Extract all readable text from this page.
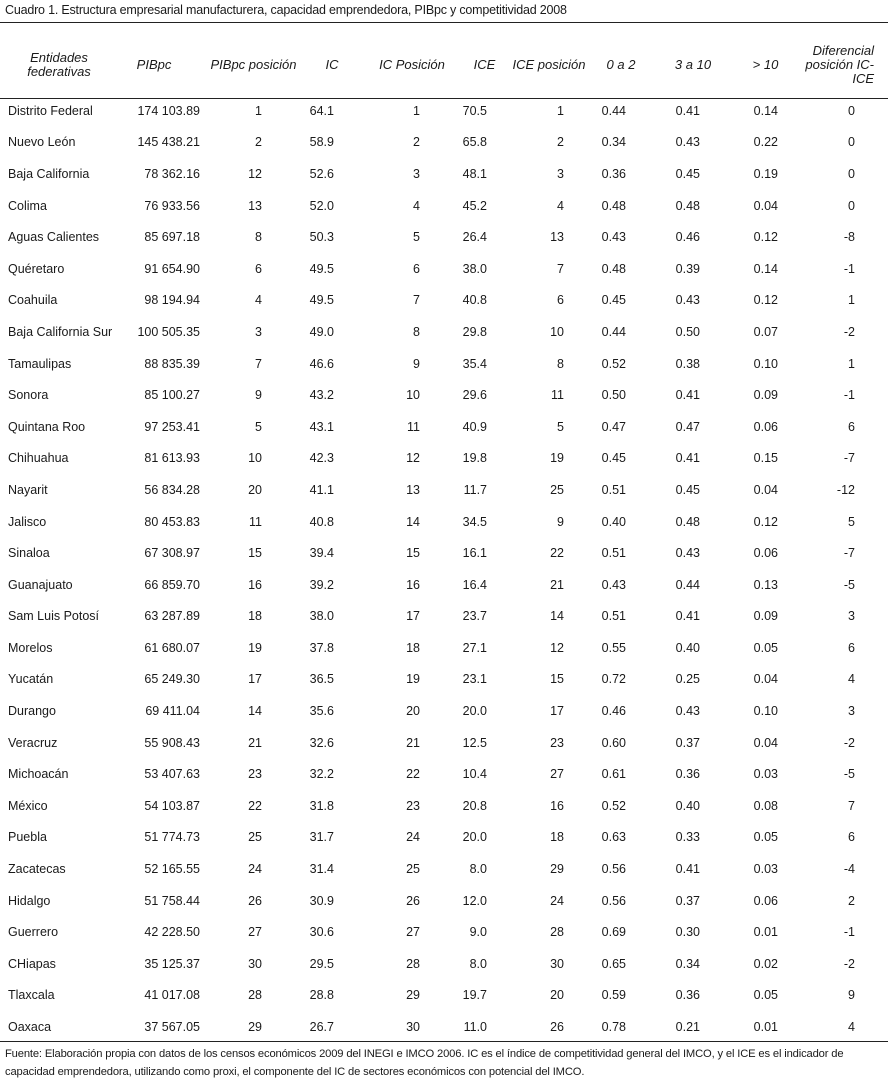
Cuadro 1. Estructura empresarial manufacturera, capacidad emprendedora, PIBpc y competitividad 2008
Entidades federativas	PIBpc	PIBpc posición	IC	IC Posición	ICE	ICE posición	0 a 2	3 a 10	> 10	Diferencial posición IC-ICE
Distrito Federal	174 103.89	1	64.1	1	70.5	1	0.44	0.41	0.14	0
Nuevo León	145 438.21	2	58.9	2	65.8	2	0.34	0.43	0.22	0
Baja California	78 362.16	12	52.6	3	48.1	3	0.36	0.45	0.19	0
Colima	76 933.56	13	52.0	4	45.2	4	0.48	0.48	0.04	0
Aguas Calientes	85 697.18	8	50.3	5	26.4	13	0.43	0.46	0.12	-8
Quéretaro	91 654.90	6	49.5	6	38.0	7	0.48	0.39	0.14	-1
Coahuila	98 194.94	4	49.5	7	40.8	6	0.45	0.43	0.12	1
Baja California Sur	100 505.35	3	49.0	8	29.8	10	0.44	0.50	0.07	-2
Tamaulipas	88 835.39	7	46.6	9	35.4	8	0.52	0.38	0.10	1
Sonora	85 100.27	9	43.2	10	29.6	11	0.50	0.41	0.09	-1
Quintana Roo	97 253.41	5	43.1	11	40.9	5	0.47	0.47	0.06	6
Chihuahua	81 613.93	10	42.3	12	19.8	19	0.45	0.41	0.15	-7
Nayarit	56 834.28	20	41.1	13	11.7	25	0.51	0.45	0.04	-12
Jalisco	80 453.83	11	40.8	14	34.5	9	0.40	0.48	0.12	5
Sinaloa	67 308.97	15	39.4	15	16.1	22	0.51	0.43	0.06	-7
Guanajuato	66 859.70	16	39.2	16	16.4	21	0.43	0.44	0.13	-5
Sam Luis Potosí	63 287.89	18	38.0	17	23.7	14	0.51	0.41	0.09	3
Morelos	61 680.07	19	37.8	18	27.1	12	0.55	0.40	0.05	6
Yucatán	65 249.30	17	36.5	19	23.1	15	0.72	0.25	0.04	4
Durango	69 411.04	14	35.6	20	20.0	17	0.46	0.43	0.10	3
Veracruz	55 908.43	21	32.6	21	12.5	23	0.60	0.37	0.04	-2
Michoacán	53 407.63	23	32.2	22	10.4	27	0.61	0.36	0.03	-5
México	54 103.87	22	31.8	23	20.8	16	0.52	0.40	0.08	7
Puebla	51 774.73	25	31.7	24	20.0	18	0.63	0.33	0.05	6
Zacatecas	52 165.55	24	31.4	25	8.0	29	0.56	0.41	0.03	-4
Hidalgo	51 758.44	26	30.9	26	12.0	24	0.56	0.37	0.06	2
Guerrero	42 228.50	27	30.6	27	9.0	28	0.69	0.30	0.01	-1
CHiapas	35 125.37	30	29.5	28	8.0	30	0.65	0.34	0.02	-2
Tlaxcala	41 017.08	28	28.8	29	19.7	20	0.59	0.36	0.05	9
Oaxaca	37 567.05	29	26.7	30	11.0	26	0.78	0.21	0.01	4
Fuente: Elaboración propia con datos de los censos económicos 2009 del INEGI e IMCO 2006. IC es el índice de competitividad general del IMCO, y el ICE es el indicador de capacidad emprendedora, utilizando como proxi, el componente del IC de sectores económicos con potencial del IMCO.
